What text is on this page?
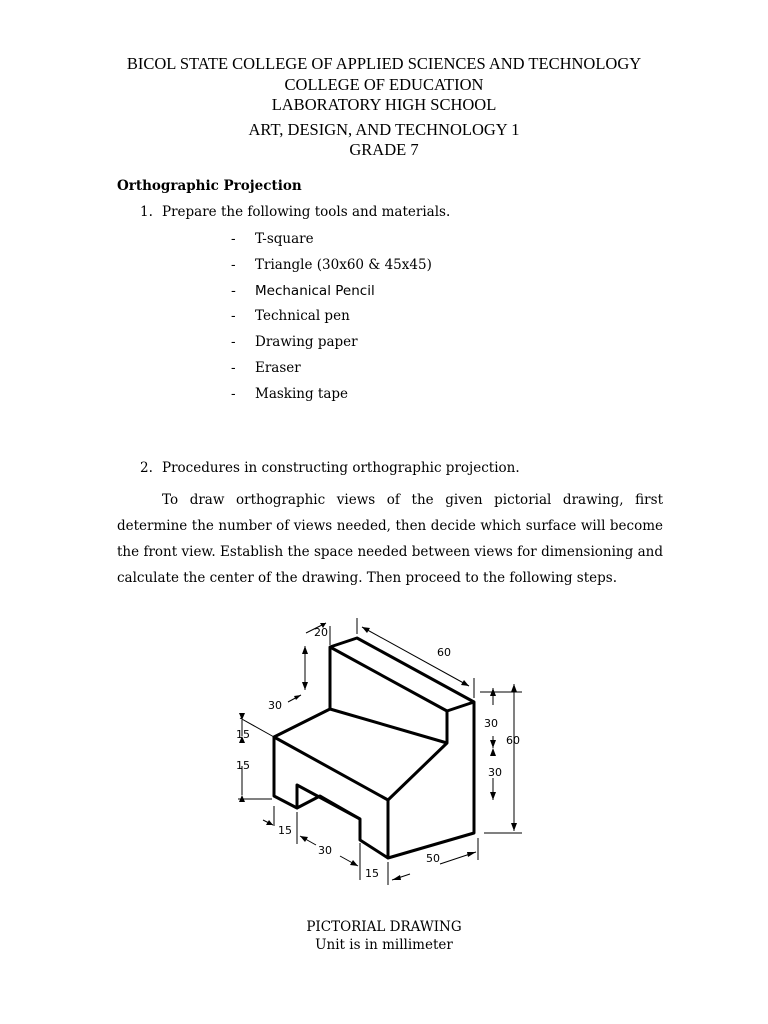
BICOL STATE COLLEGE OF APPLIED SCIENCES AND TECHNOLOGY
COLLEGE OF EDUCATION
LABORATORY HIGH SCHOOL
ART, DESIGN, AND TECHNOLOGY 1
GRADE 7
Orthographic Projection
1. Prepare the following tools and materials.
- T-square
- Triangle (30x60 & 45x45)
- Mechanical Pencil
- Technical pen
- Drawing paper
- Eraser
- Masking tape
2. Procedures in constructing orthographic projection.

To draw orthographic views of the given pictorial drawing, first determine the number of views needed, then decide which surface will become the front view. Establish the space needed between views for dimensioning and calculate the center of the drawing. Then proceed to the following steps.

20
60
30
15
15
30
60
30
15
30
15
50
PICTORIAL DRAWING
Unit is in millimeter
